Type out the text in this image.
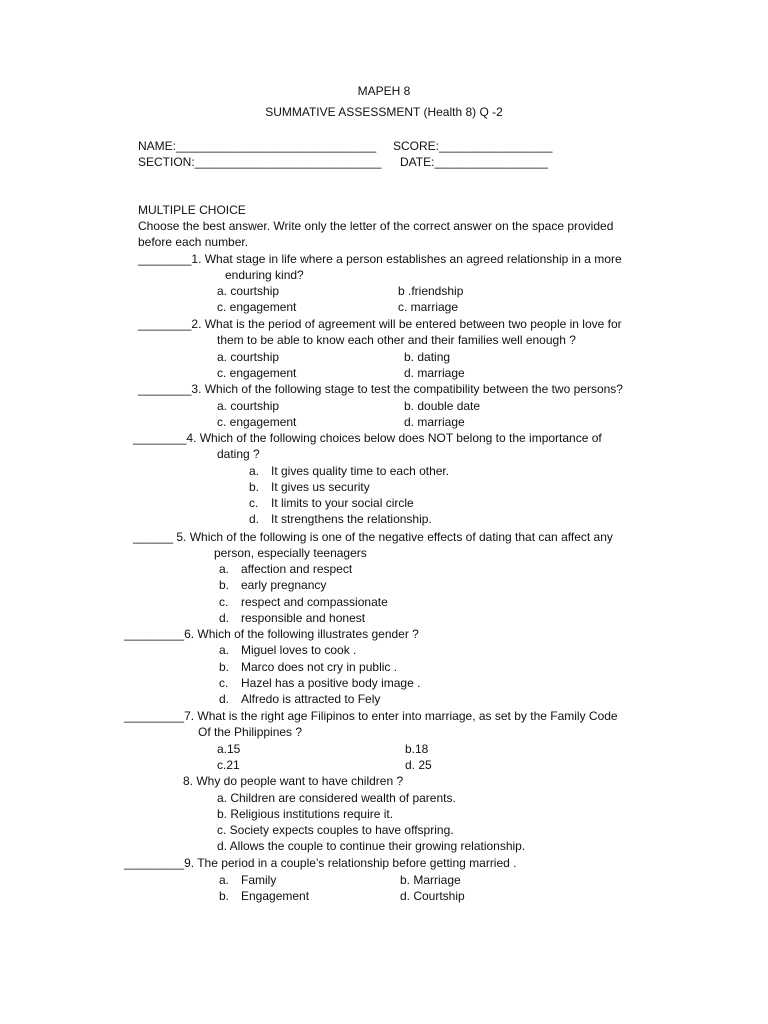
MAPEH 8
SUMMATIVE ASSESSMENT (Health 8) Q -2
NAME:______________________________ SCORE:_________________
SECTION:____________________________ DATE:_________________
MULTIPLE CHOICE
Choose the best answer. Write only the letter of the correct answer on the space provided
before each number.
________1. What stage in life where a person establishes an agreed relationship in a more
enduring kind?
a. courtship	b .friendship
c. engagement	c. marriage
________2. What is the period of agreement will be entered between two people in love for
them to be able to know each other and their families well enough ?
a. courtship	b. dating
c. engagement	d. marriage
________3. Which of the following stage to test the compatibility between the two persons?
a. courtship	b. double date
c. engagement	d. marriage
________4. Which of the following choices below does NOT belong to the importance of
dating ?
a. It gives quality time to each other.
b. It gives us security
c. It limits to your social circle
d. It strengthens the relationship.
______ 5. Which of the following is one of the negative effects of dating that can affect any
person, especially teenagers
a. affection and respect
b. early pregnancy
c. respect and compassionate
d. responsible and honest
_________6. Which of the following illustrates gender ?
a. Miguel loves to cook .
b. Marco does not cry in public .
c. Hazel has a positive body image .
d. Alfredo is attracted to Fely
_________7. What is the right age Filipinos to enter into marriage, as set by the Family Code
Of the Philippines ?
a.15	b.18
c.21	d. 25
8. Why do people want to have children ?
a. Children are considered wealth of parents.
b. Religious institutions require it.
c. Society expects couples to have offspring.
d. Allows the couple to continue their growing relationship.
_________9. The period in a couple’s relationship before getting married .
a. Family	b. Marriage
b. Engagement	d. Courtship
